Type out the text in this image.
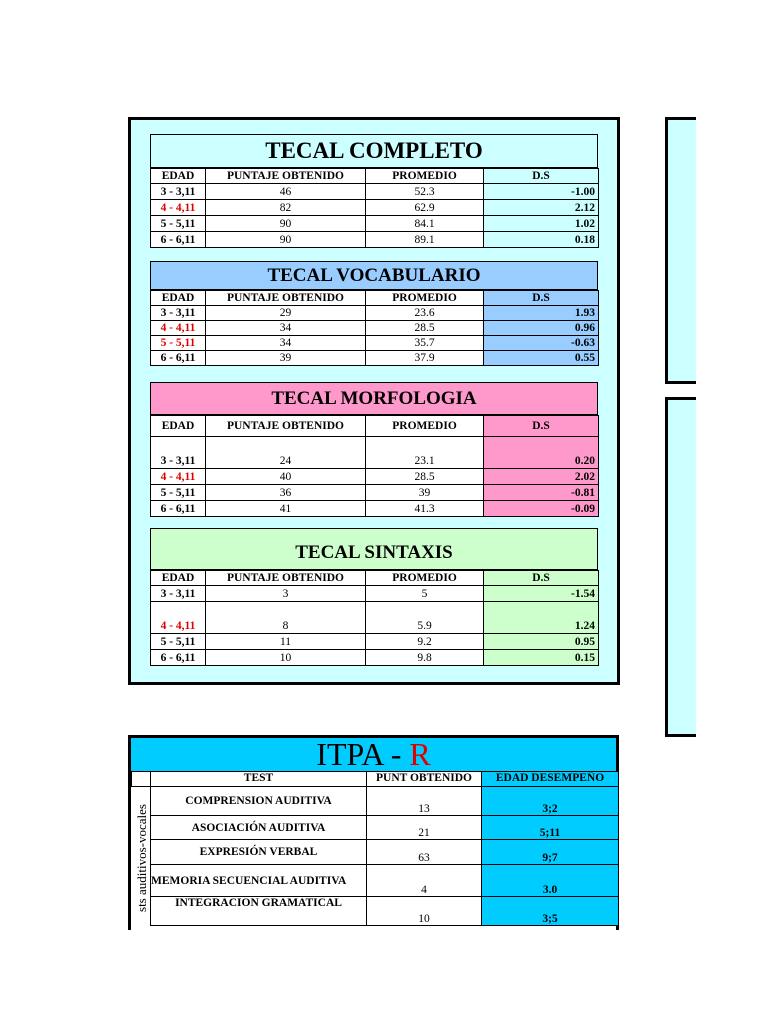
TECAL COMPLETO
EDAD	PUNTAJE OBTENIDO	PROMEDIO	D.S
3 - 3,11	46	52.3	-1.00
4 - 4,11	82	62.9	2.12
5 - 5,11	90	84.1	1.02
6 - 6,11	90	89.1	0.18
TECAL VOCABULARIO
EDAD	PUNTAJE OBTENIDO	PROMEDIO	D.S
3 - 3,11	29	23.6	1.93
4 - 4,11	34	28.5	0.96
5 - 5,11	34	35.7	-0.63
6 - 6,11	39	37.9	0.55
TECAL MORFOLOGIA
EDAD	PUNTAJE OBTENIDO	PROMEDIO	D.S
3 - 3,11	24	23.1	0.20
4 - 4,11	40	28.5	2.02
5 - 5,11	36	39	-0.81
6 - 6,11	41	41.3	-0.09
TECAL SINTAXIS
EDAD	PUNTAJE OBTENIDO	PROMEDIO	D.S
3 - 3,11	3	5	-1.54
4 - 4,11	8	5.9	1.24
5 - 5,11	11	9.2	0.95
6 - 6,11	10	9.8	0.15
ITPA - R
	TEST	PUNT OBTENIDO	EDAD DESEMPEÑO
	COMPRENSION AUDITIVA	13	3;2
	ASOCIACIÓN AUDITIVA	21	5;11
	EXPRESIÓN VERBAL	63	9;7
	MEMORIA SECUENCIAL AUDITIVA	4	3.0
	INTEGRACION GRAMATICAL	10	3;5
sts auditivos-vocales
